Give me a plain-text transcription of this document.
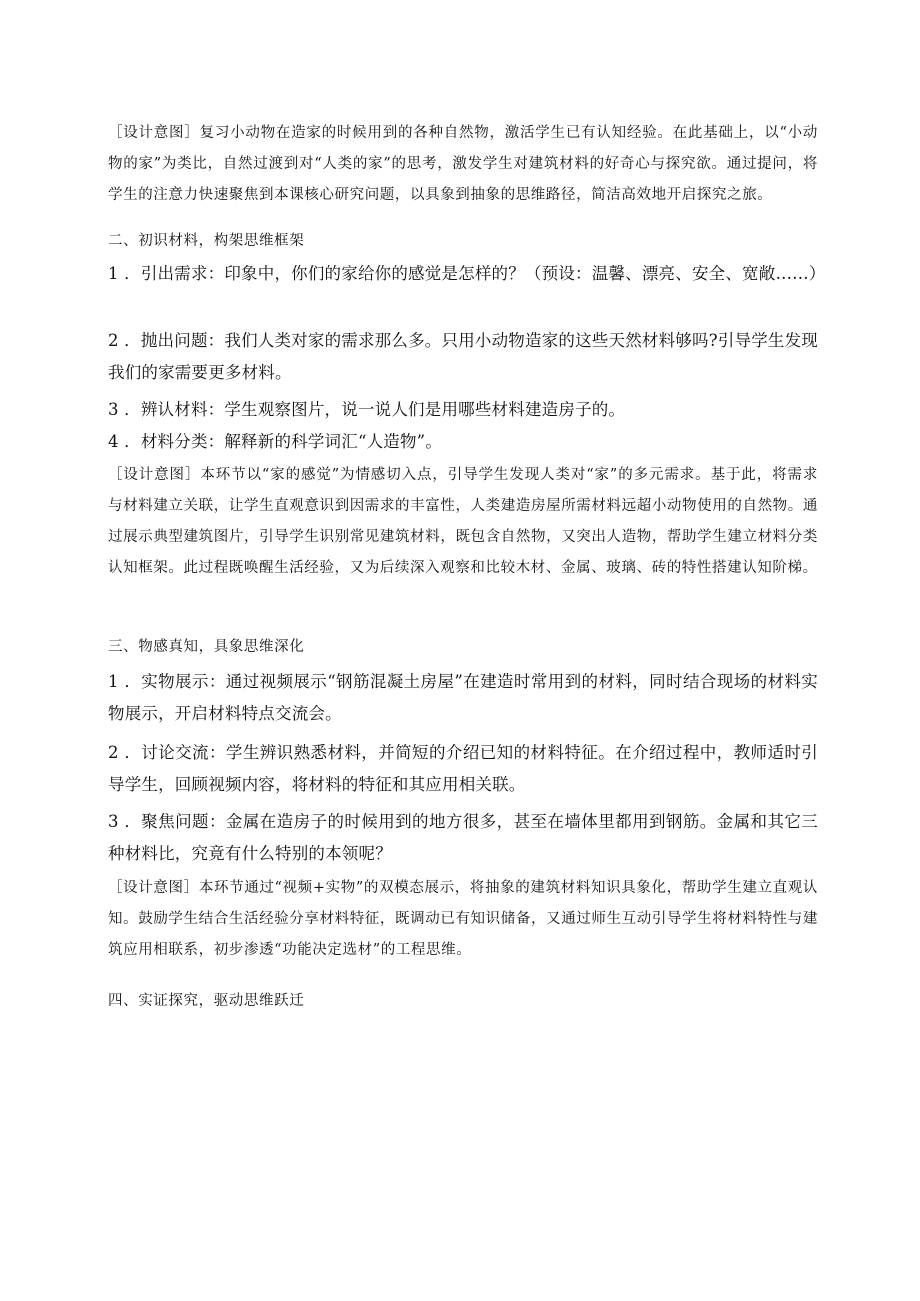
［设计意图］复习小动物在造家的时候用到的各种自然物，激活学生已有认知经验。在此基础上，以“小动物的家”为类比，自然过渡到对“人类的家”的思考，激发学生对建筑材料的好奇心与探究欲。通过提问，将学生的注意力快速聚焦到本课核心研究问题，以具象到抽象的思维路径，简洁高效地开启探究之旅。

二、初识材料，构架思维框架

1 ．引出需求：印象中，你们的家给你的感觉是怎样的？（预设：温馨、漂亮、安全、宽敞……）

2 ．抛出问题：我们人类对家的需求那么多。只用小动物造家的这些天然材料够吗?引导学生发现我们的家需要更多材料。

3 ．辨认材料：学生观察图片，说一说人们是用哪些材料建造房子的。

4 ．材料分类：解释新的科学词汇“人造物”。

［设计意图］本环节以“家的感觉”为情感切入点，引导学生发现人类对“家”的多元需求。基于此，将需求与材料建立关联，让学生直观意识到因需求的丰富性，人类建造房屋所需材料远超小动物使用的自然物。通过展示典型建筑图片，引导学生识别常见建筑材料，既包含自然物，又突出人造物，帮助学生建立材料分类认知框架。此过程既唤醒生活经验，又为后续深入观察和比较木材、金属、玻璃、砖的特性搭建认知阶梯。

三、物感真知，具象思维深化

1 ．实物展示：通过视频展示“钢筋混凝土房屋”在建造时常用到的材料，同时结合现场的材料实物展示，开启材料特点交流会。

2 ．讨论交流：学生辨识熟悉材料，并简短的介绍已知的材料特征。在介绍过程中，教师适时引导学生，回顾视频内容，将材料的特征和其应用相关联。

3 ．聚焦问题：金属在造房子的时候用到的地方很多，甚至在墙体里都用到钢筋。金属和其它三种材料比，究竟有什么特别的本领呢？

［设计意图］本环节通过“视频+实物”的双模态展示，将抽象的建筑材料知识具象化，帮助学生建立直观认知。鼓励学生结合生活经验分享材料特征，既调动已有知识储备，又通过师生互动引导学生将材料特性与建筑应用相联系，初步渗透“功能决定选材”的工程思维。

四、实证探究，驱动思维跃迁
